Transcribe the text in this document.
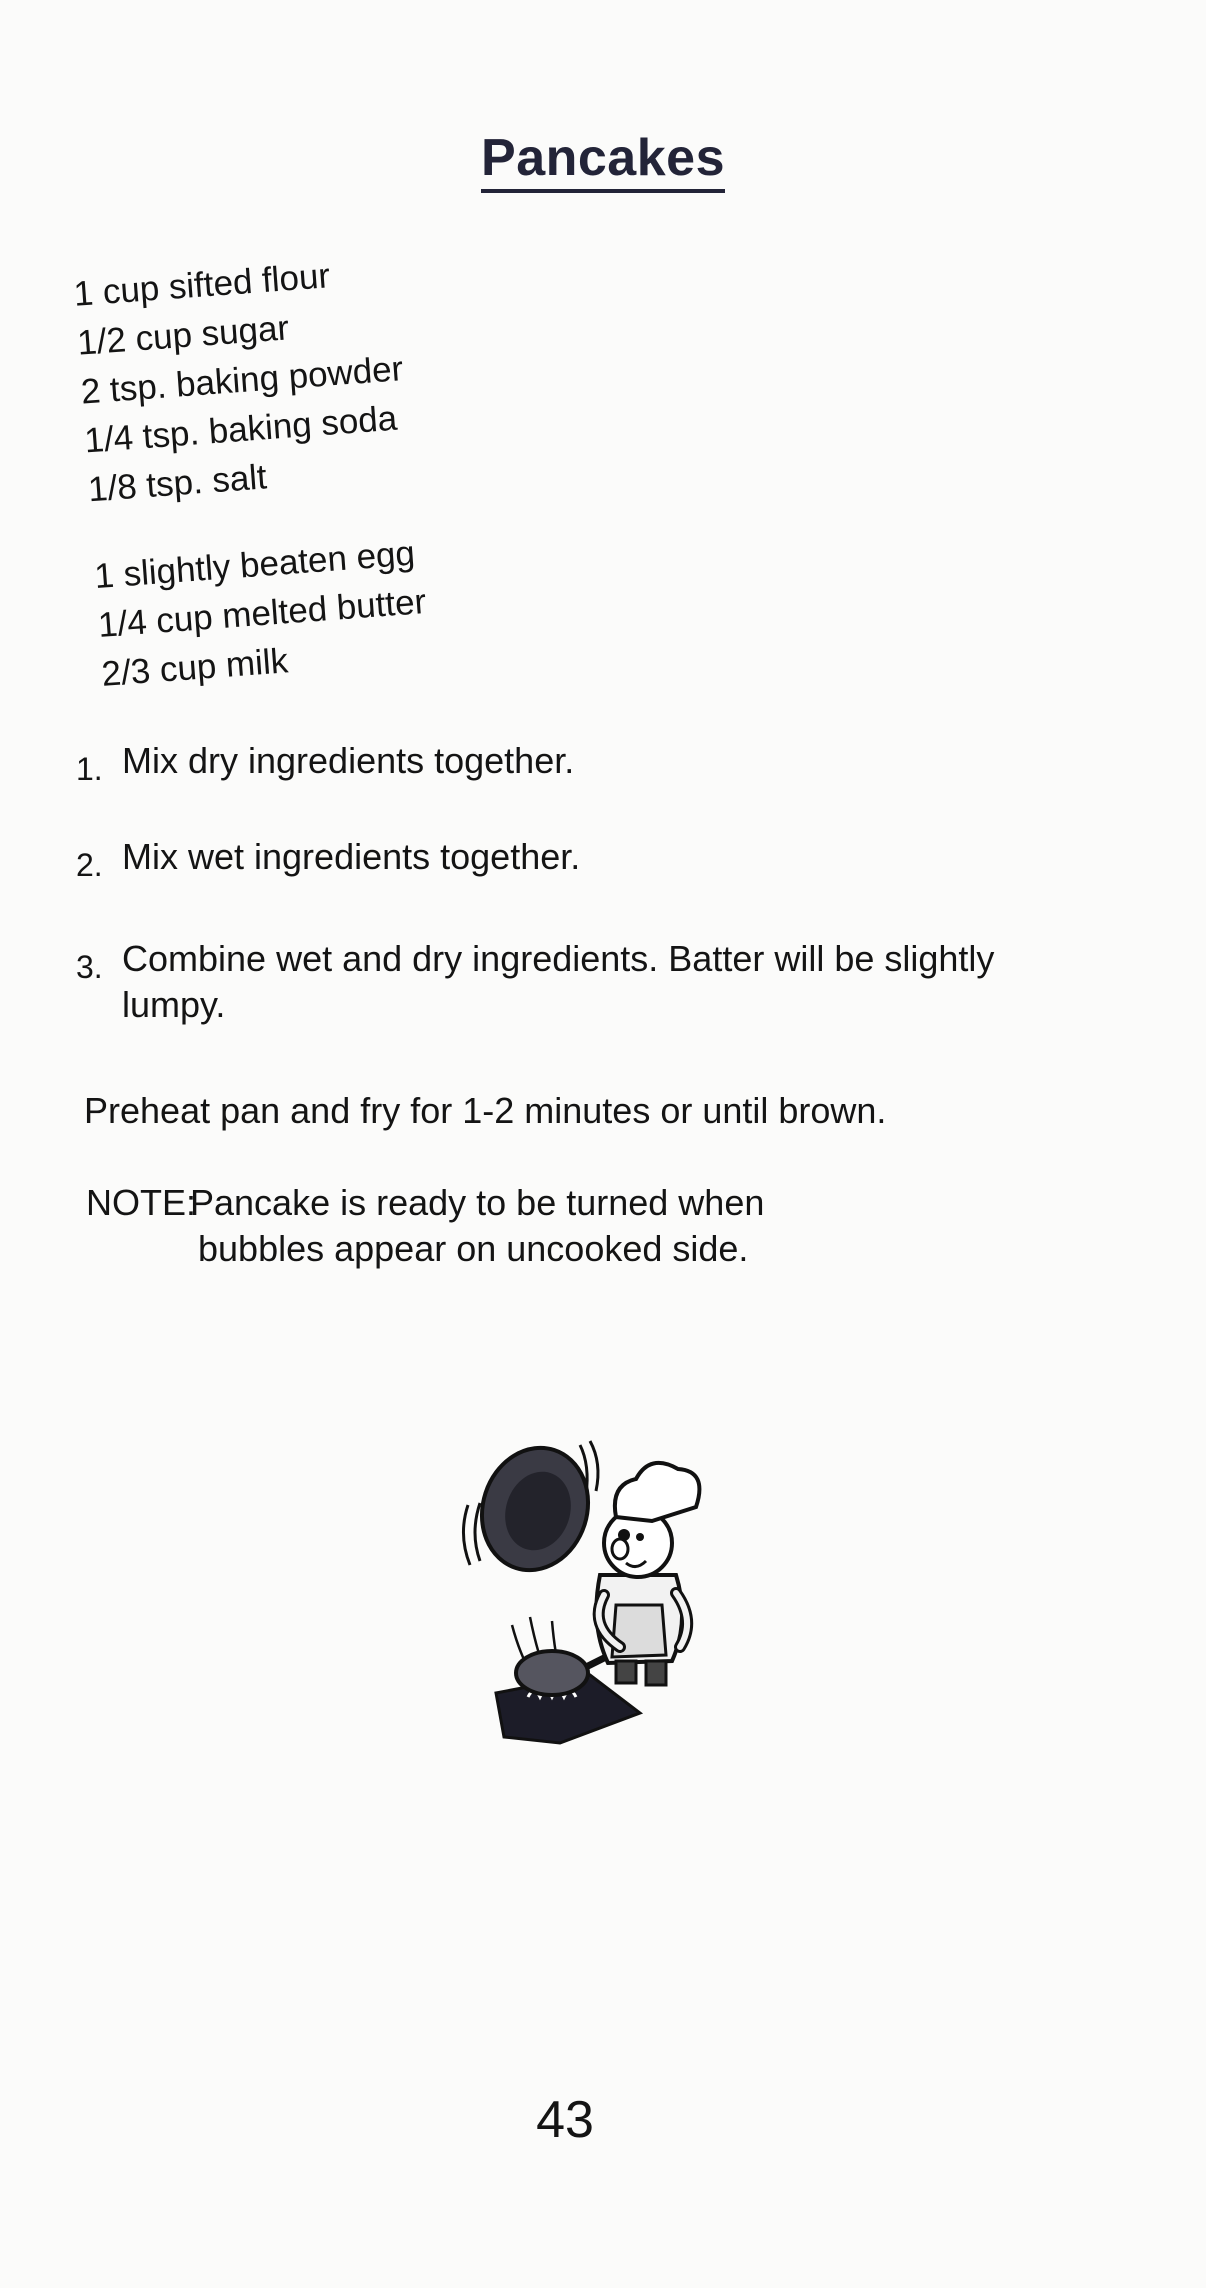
Pancakes
1 cup sifted flour
1/2 cup sugar
2 tsp. baking powder
1/4 tsp. baking soda
1/8 tsp. salt
1 slightly beaten egg
1/4 cup melted butter
2/3 cup milk
1. Mix dry ingredients together.
2. Mix wet ingredients together.
3. Combine wet and dry ingredients. Batter will be slightly lumpy.
Preheat pan and fry for 1-2 minutes or until brown.
NOTE:Pancake is ready to be turned when
bubbles appear on uncooked side.
43
